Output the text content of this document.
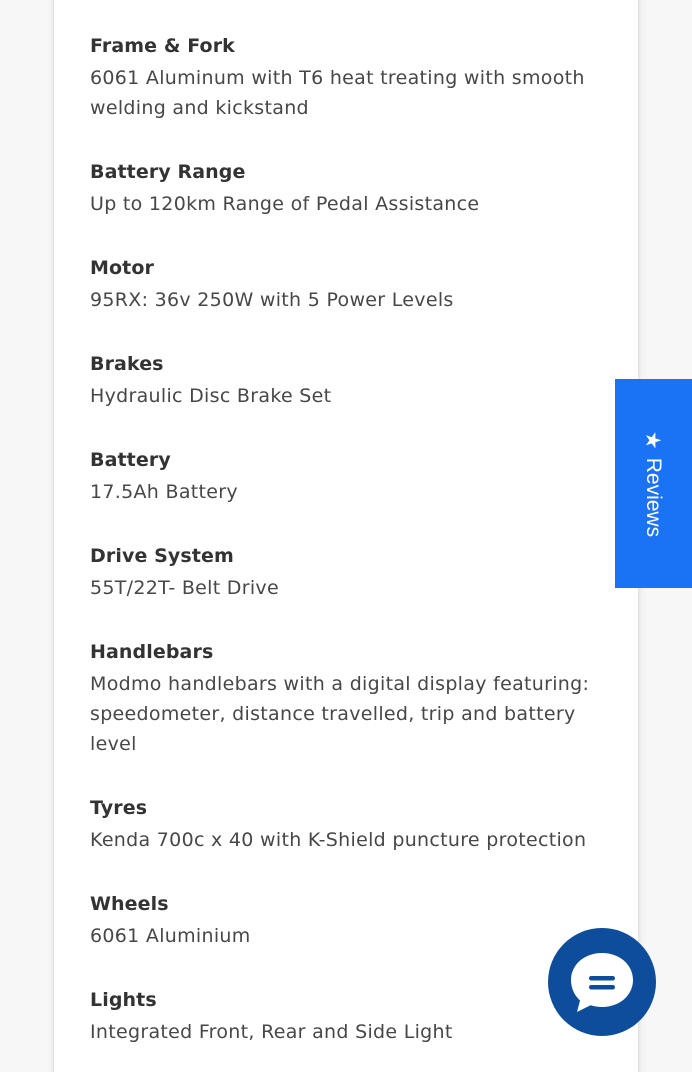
Frame & Fork
6061 Aluminum with T6 heat treating with smooth welding and kickstand
Battery Range
Up to 120km Range of Pedal Assistance
Motor
95RX: 36v 250W with 5 Power Levels
Brakes
Hydraulic Disc Brake Set
Battery
17.5Ah Battery
Drive System
55T/22T- Belt Drive
Handlebars
Modmo handlebars with a digital display featuring: speedometer, distance travelled, trip and battery level
Tyres
Kenda 700c x 40 with K-Shield puncture protection
Wheels
6061 Aluminium
Lights
Integrated Front, Rear and Side Light
★
Reviews
